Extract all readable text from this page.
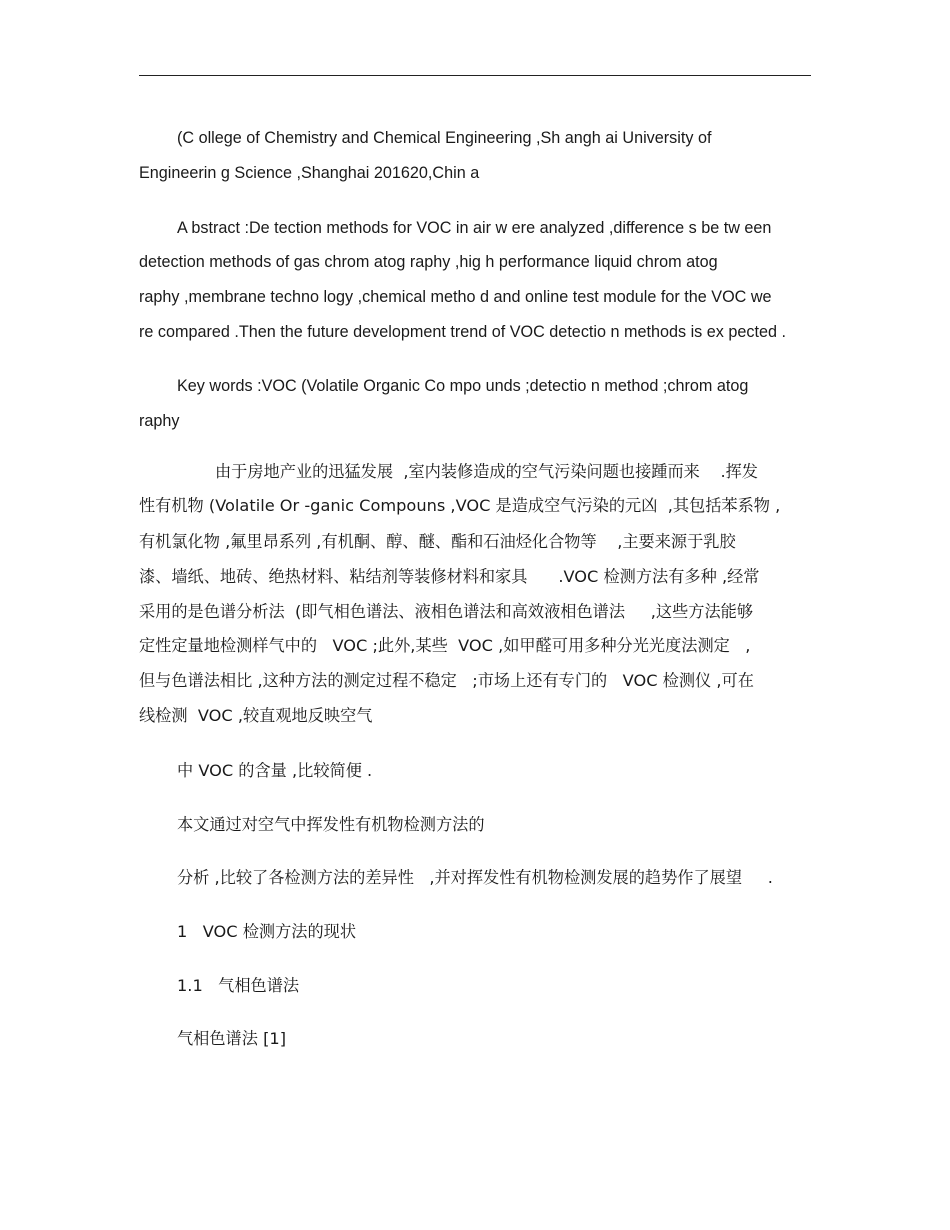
(C ollege of Chemistry and Chemical Engineering ,Sh angh ai University of
Engineerin g Science ,Shanghai 201620,Chin a
A bstract :De tection methods for VOC in air w ere analyzed ,difference s be tw een
detection methods of gas chrom atog raphy ,hig h performance liquid chrom atog
raphy ,membrane techno logy ,chemical metho d and online test module for the VOC we
re compared .Then the future development trend of VOC detectio n methods is ex pected .
Key words :VOC (Volatile Organic Co mpo unds ;detectio n method ;chrom atog
raphy
由于房地产业的迅猛发展  ,室内装修造成的空气污染问题也接踵而来    .挥发
性有机物 (Volatile Or -ganic Compouns ,VOC 是造成空气污染的元凶  ,其包括苯系物 ,
有机氯化物 ,氟里昂系列 ,有机酮、醇、醚、酯和石油烃化合物等    ,主要来源于乳胶
漆、墙纸、地砖、绝热材料、粘结剂等装修材料和家具      .VOC 检测方法有多种 ,经常
采用的是色谱分析法  (即气相色谱法、液相色谱法和高效液相色谱法     ,这些方法能够
定性定量地检测样气中的   VOC ;此外,某些  VOC ,如甲醛可用多种分光光度法测定   ,
但与色谱法相比 ,这种方法的测定过程不稳定   ;市场上还有专门的   VOC 检测仪 ,可在
线检测  VOC ,较直观地反映空气
中 VOC 的含量 ,比较简便 .
本文通过对空气中挥发性有机物检测方法的
分析 ,比较了各检测方法的差异性   ,并对挥发性有机物检测发展的趋势作了展望     .
1   VOC 检测方法的现状
1.1   气相色谱法
气相色谱法 [1]
